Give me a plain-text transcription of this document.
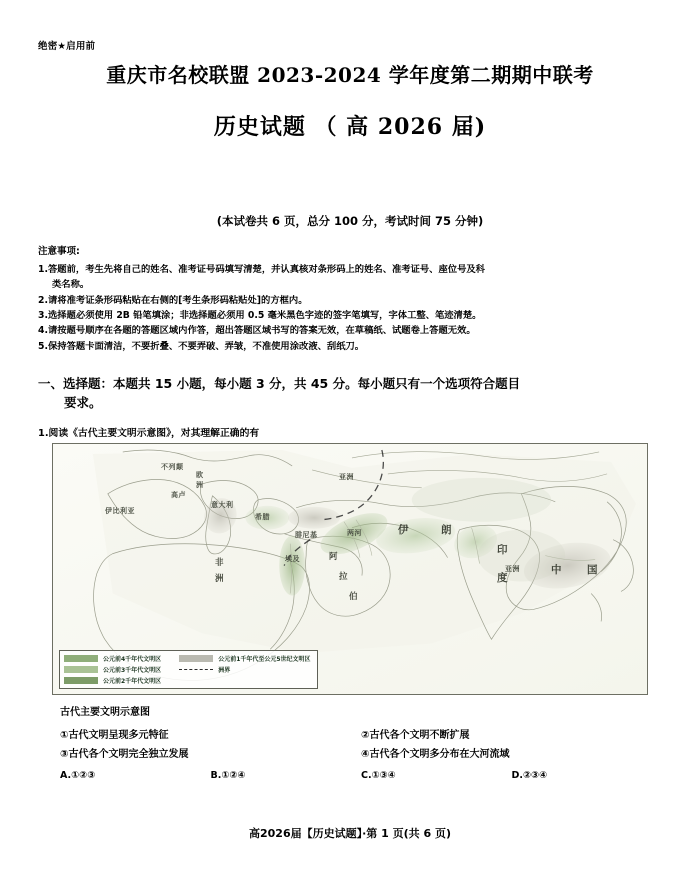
绝密★启用前
重庆市名校联盟 2023-2024 学年度第二期期中联考
历史试题 （ 高 2026 届)
(本试卷共 6 页，总分 100 分，考试时间 75 分钟)
注意事项:
1.答题前，考生先将自己的姓名、准考证号码填写清楚，并认真核对条形码上的姓名、准考证号、座位号及科
类名称。
2.请将准考证条形码粘贴在右侧的[考生条形码粘贴处]的方框内。
3.选择题必须使用 2B 铅笔填涂；非选择题必须用 0.5 毫米黑色字迹的签字笔填写，字体工整、笔迹清楚。
4.请按题号顺序在各题的答题区域内作答，超出答题区域书写的答案无效，在草稿纸、试题卷上答题无效。
5.保持答题卡面清洁，不要折叠、不要弄破、弄皱，不准使用涂改液、刮纸刀。
一、选择题：本题共 15 小题，每小题 3 分，共 45 分。每小题只有一个选项符合题目
要求。
1.阅读《古代主要文明示意图》，对其理解正确的有
不列颠
欧
洲
高卢
伊比利亚
意大利
希腊
亚洲
腓尼基	两河	伊	朗
非
洲
埃及	阿
拉
伯
印
度
中 国
亚洲
公元前4千年代文明区
公元前3千年代文明区
公元前2千年代文明区
公元前1千年代至公元5世纪文明区
洲界
古代主要文明示意图
①古代文明呈现多元特征	②古代各个文明不断扩展
③古代各个文明完全独立发展	④古代各个文明多分布在大河流域
A.①②③	B.①②④	C.①③④	D.②③④
高2026届【历史试题】·第 1 页(共 6 页)
